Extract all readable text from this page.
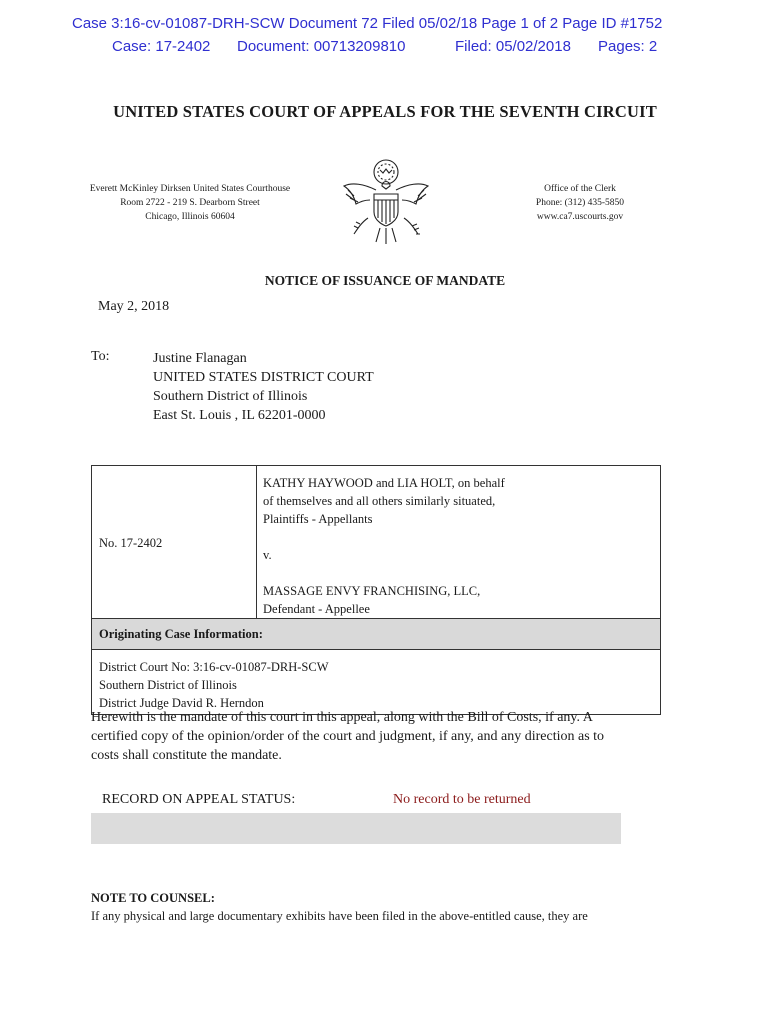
Case 3:16-cv-01087-DRH-SCW Document 72 Filed 05/02/18 Page 1 of 2 Page ID #1752
Case: 17-2402 Document: 00713209810	Filed: 05/02/2018 Pages: 2
UNITED STATES COURT OF APPEALS FOR THE SEVENTH CIRCUIT
Everett McKinley Dirksen United States Courthouse
Room 2722 - 219 S. Dearborn Street
Chicago, Illinois 60604
Office of the Clerk
Phone: (312) 435-5850
www.ca7.uscourts.gov
NOTICE OF ISSUANCE OF MANDATE
May 2, 2018
To:	Justine Flanagan
UNITED STATES DISTRICT COURT
Southern District of Illinois
East St. Louis , IL 62201-0000
No. 17-2402

KATHY HAYWOOD and LIA HOLT, on behalf
of themselves and all others similarly situated,
Plaintiffs - Appellants
v.
MASSAGE ENVY FRANCHISING, LLC,
Defendant - Appellee

Originating Case Information:

District Court No: 3:16-cv-01087-DRH-SCW
Southern District of Illinois
District Judge David R. Herndon
Herewith is the mandate of this court in this appeal, along with the Bill of Costs, if any. A
certified copy of the opinion/order of the court and judgment, if any, and any direction as to
costs shall constitute the mandate.
RECORD ON APPEAL STATUS:	No record to be returned
NOTE TO COUNSEL:
If any physical and large documentary exhibits have been filed in the above-entitled cause, they are
